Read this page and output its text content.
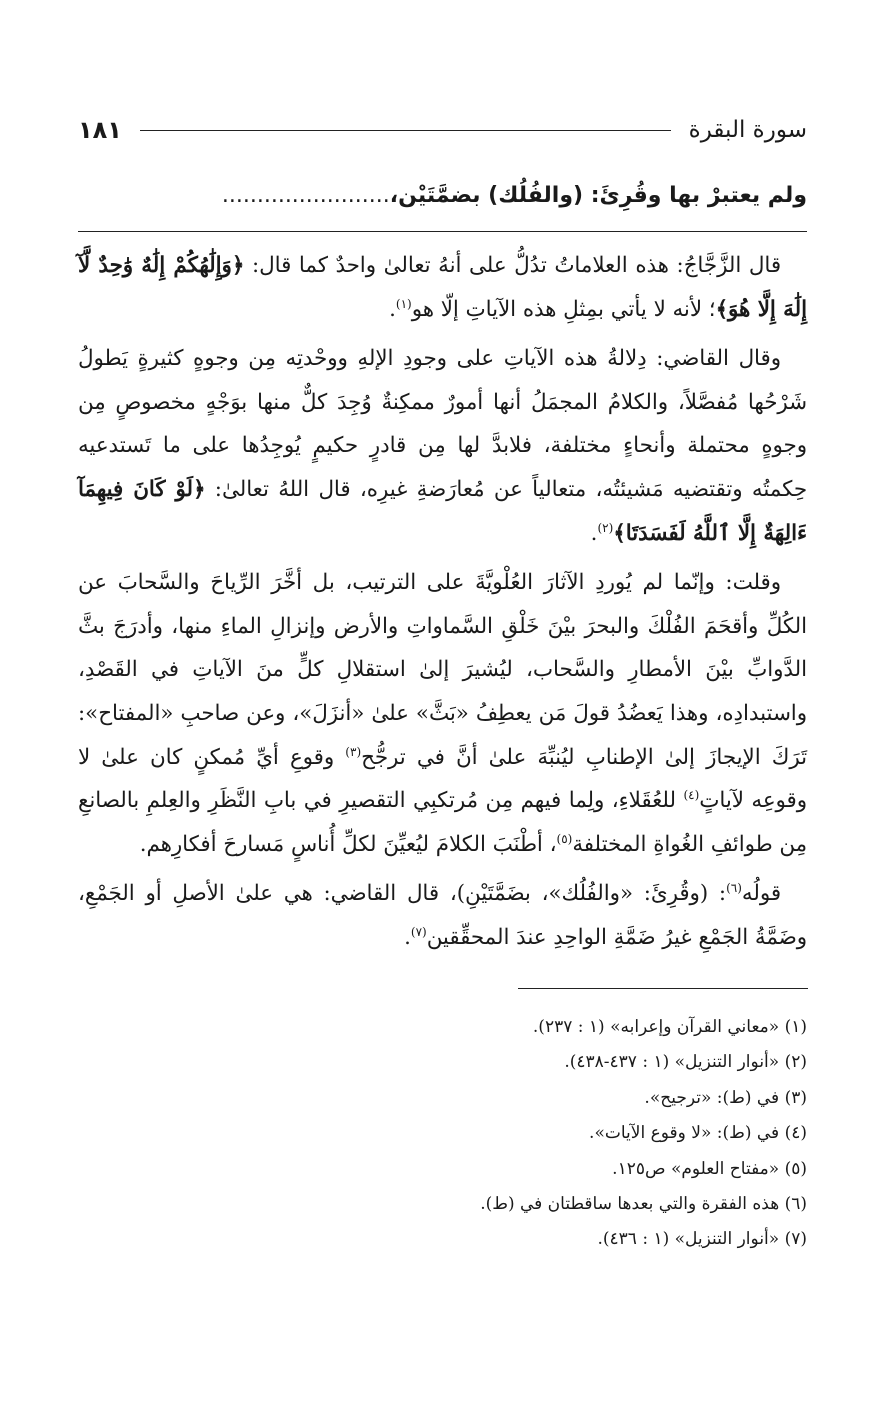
سورة البقرة
١٨١
ولم يعتبرْ بها وقُرِئَ: (والفُلُك) بضمَّتَيْن،........................

قال الزَّجَّاجُ: هذه العلاماتُ تدُلُّ على أنهُ تعالىٰ واحدٌ كما قال: ﴿وَإِلَٰهُكُمْ إِلَٰهٌ وَٰحِدٌ لَّآ إِلَٰهَ إِلَّا هُوَ﴾؛ لأنه لا يأتي بمِثلِ هذه الآياتِ إلّا هو$^{(١)}$.

وقال القاضي: دِلالةُ هذه الآياتِ على وجودِ الإلهِ ووحْدتِه مِن وجوهٍ كثيرةٍ يَطولُ شَرْحُها مُفصَّلاً، والكلامُ المجمَلُ أنها أمورٌ ممكِنةٌ وُجِدَ كلٌّ منها بوَجْهٍ مخصوصٍ مِن وجوهٍ محتملة وأنحاءٍ مختلفة، فلابدَّ لها مِن قادرٍ حكيمٍ يُوجِدُها على ما تَستدعيه حِكمتُه وتقتضيه مَشيئتُه، متعالياً عن مُعارَضةِ غيرِه، قال اللهُ تعالىٰ: ﴿لَوْ كَانَ فِيهِمَآ ءَالِهَةٌ إِلَّا ٱللَّهُ لَفَسَدَتَا﴾$^{(٢)}$.

وقلت: وإنّما لم يُوردِ الآثارَ العُلْويَّةَ على الترتيب، بل أخَّرَ الرِّياحَ والسَّحابَ عن الكُلِّ وأقحَمَ الفُلْكَ والبحرَ بيْنَ خَلْقِ السَّماواتِ والأرض وإنزالِ الماءِ منها، وأدرَجَ بثَّ الدَّوابِّ بيْنَ الأمطارِ والسَّحاب، ليُشيرَ إلىٰ استقلالِ كلٍّ منَ الآياتِ في القَصْدِ، واستبدادِه، وهذا يَعضُدُ قولَ مَن يعطِفُ «بَثَّ» علىٰ «أنزَلَ»، وعن صاحبِ «المفتاح»: تَرَكَ الإيجازَ إلىٰ الإطنابِ ليُنبِّهَ علىٰ أنَّ في ترجُّح$^{(٣)}$ وقوعِ أيِّ مُمكنٍ كان علىٰ لا وقوعِه لآياتٍ$^{(٤)}$ للعُقَلاءِ، ولِما فيهم مِن مُرتكبِي التقصيرِ في بابِ النَّظَرِ والعِلمِ بالصانعِ مِن طوائفِ الغُواةِ المختلفة$^{(٥)}$، أطْنَبَ الكلامَ ليُعيِّنَ لكلِّ أُناسٍ مَسارحَ أفكارِهم.

قولُه$^{(٦)}$: (وقُرِئَ: «والفُلُك»، بضَمَّتَيْنِ)، قال القاضي: هي علىٰ الأصلِ أو الجَمْعِ، وضَمَّةُ الجَمْعِ غيرُ ضَمَّةِ الواحِدِ عندَ المحقِّقين$^{(٧)}$.

(١) «معاني القرآن وإعرابه» (١ : ٢٣٧).

(٢) «أنوار التنزيل» (١ : ٤٣٧-٤٣٨).

(٣) في (ط): «ترجيح».

(٤) في (ط): «لا وقوع الآيات».

(٥) «مفتاح العلوم» ص١٢٥.

(٦) هذه الفقرة والتي بعدها ساقطتان في (ط).

(٧) «أنوار التنزيل» (١ : ٤٣٦).
